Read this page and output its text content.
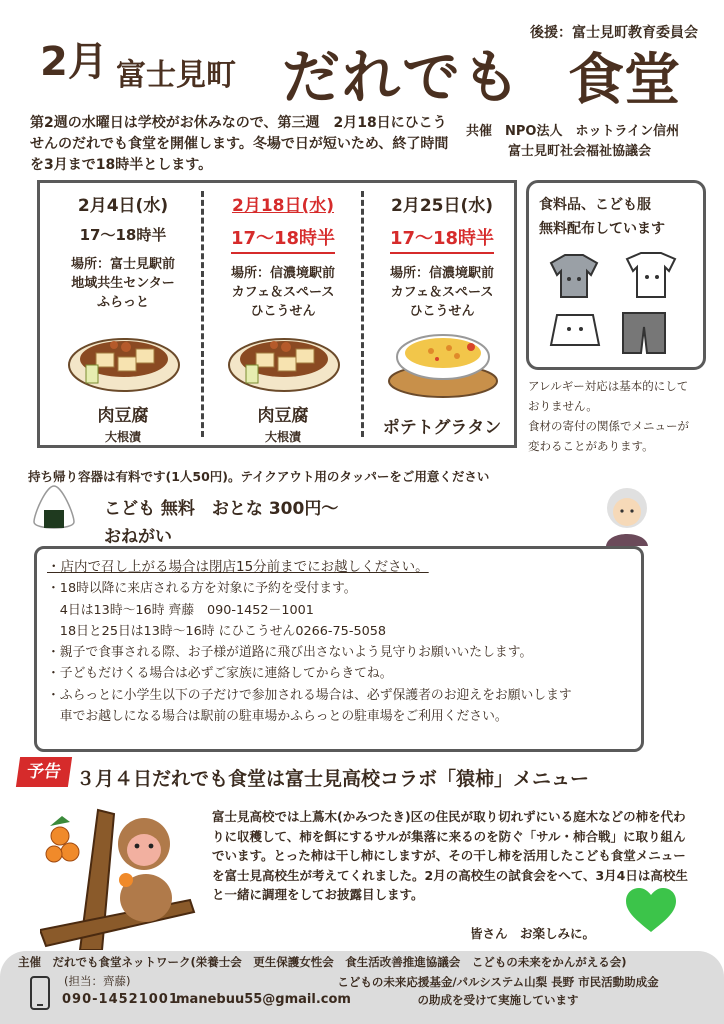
2月 富士見町 だれでも 食堂
後援：富士見町教育委員会
第2週の水曜日は学校がお休みなので、第三週　2月18日にひこうせんのだれでも食堂を開催します。冬場で日が短いため、終了時間を3月まで18時半とします。
共催　NPO法人　ホットライン信州
富士見町社会福祉協議会
2月4日(水)
17～18時半
場所：富士見駅前
地域共生センター
ふらっと
肉豆腐
大根漬
2月18日(水)
17～18時半
場所：信濃境駅前
カフェ＆スペース
ひこうせん
肉豆腐
大根漬
2月25日(水)
17～18時半
場所：信濃境駅前
カフェ＆スペース
ひこうせん
ポテトグラタン
食料品、こども服
無料配布しています
アレルギー対応は基本的にして
おりません。
食材の寄付の関係でメニューが
変わることがあります。
持ち帰り容器は有料です(1人50円)。テイクアウト用のタッパーをご用意ください
こども 無料　おとな 300円～
おねがい
・店内で召し上がる場合は閉店15分前までにお越しください。
・18時以降に来店される方を対象に予約を受付ます。
　4日は13時〜16時 齊藤　090-1452－1001
　18日と25日は13時〜16時 にひこうせん0266-75-5058
・親子で食事される際、お子様が道路に飛び出さないよう見守りお願いいたします。
・子どもだけくる場合は必ずご家族に連絡してからきてね。
・ふらっとに小学生以下の子だけで参加される場合は、必ず保護者のお迎えをお願いします
　車でお越しになる場合は駅前の駐車場かふらっとの駐車場をご利用ください。
予告 ３月４日だれでも食堂は富士見高校コラボ「猿柿」メニュー
富士見高校では上蔦木(かみつたき)区の住民が取り切れずにいる庭木などの柿を代わりに収穫して、柿を餌にするサルが集落に来るのを防ぐ「サル・柿合戦」に取り組んでいます。とった柿は干し柿にしますが、その干し柿を活用したこども食堂メニューを富士見高校生が考えてくれました。2月の高校生の試食会をへて、3月4日は高校生と一緒に調理をしてお披露目します。
皆さん　お楽しみに。
主催　だれでも食堂ネットワーク(栄養士会　更生保護女性会　食生活改善推進協議会　こどもの未来をかんがえる会)
(担当：齊藤)	こどもの未来応援基金/パルシステム山梨 長野 市民活動助成金
の助成を受けて実施しています
090-14521001
manebuu55@gmail.com
